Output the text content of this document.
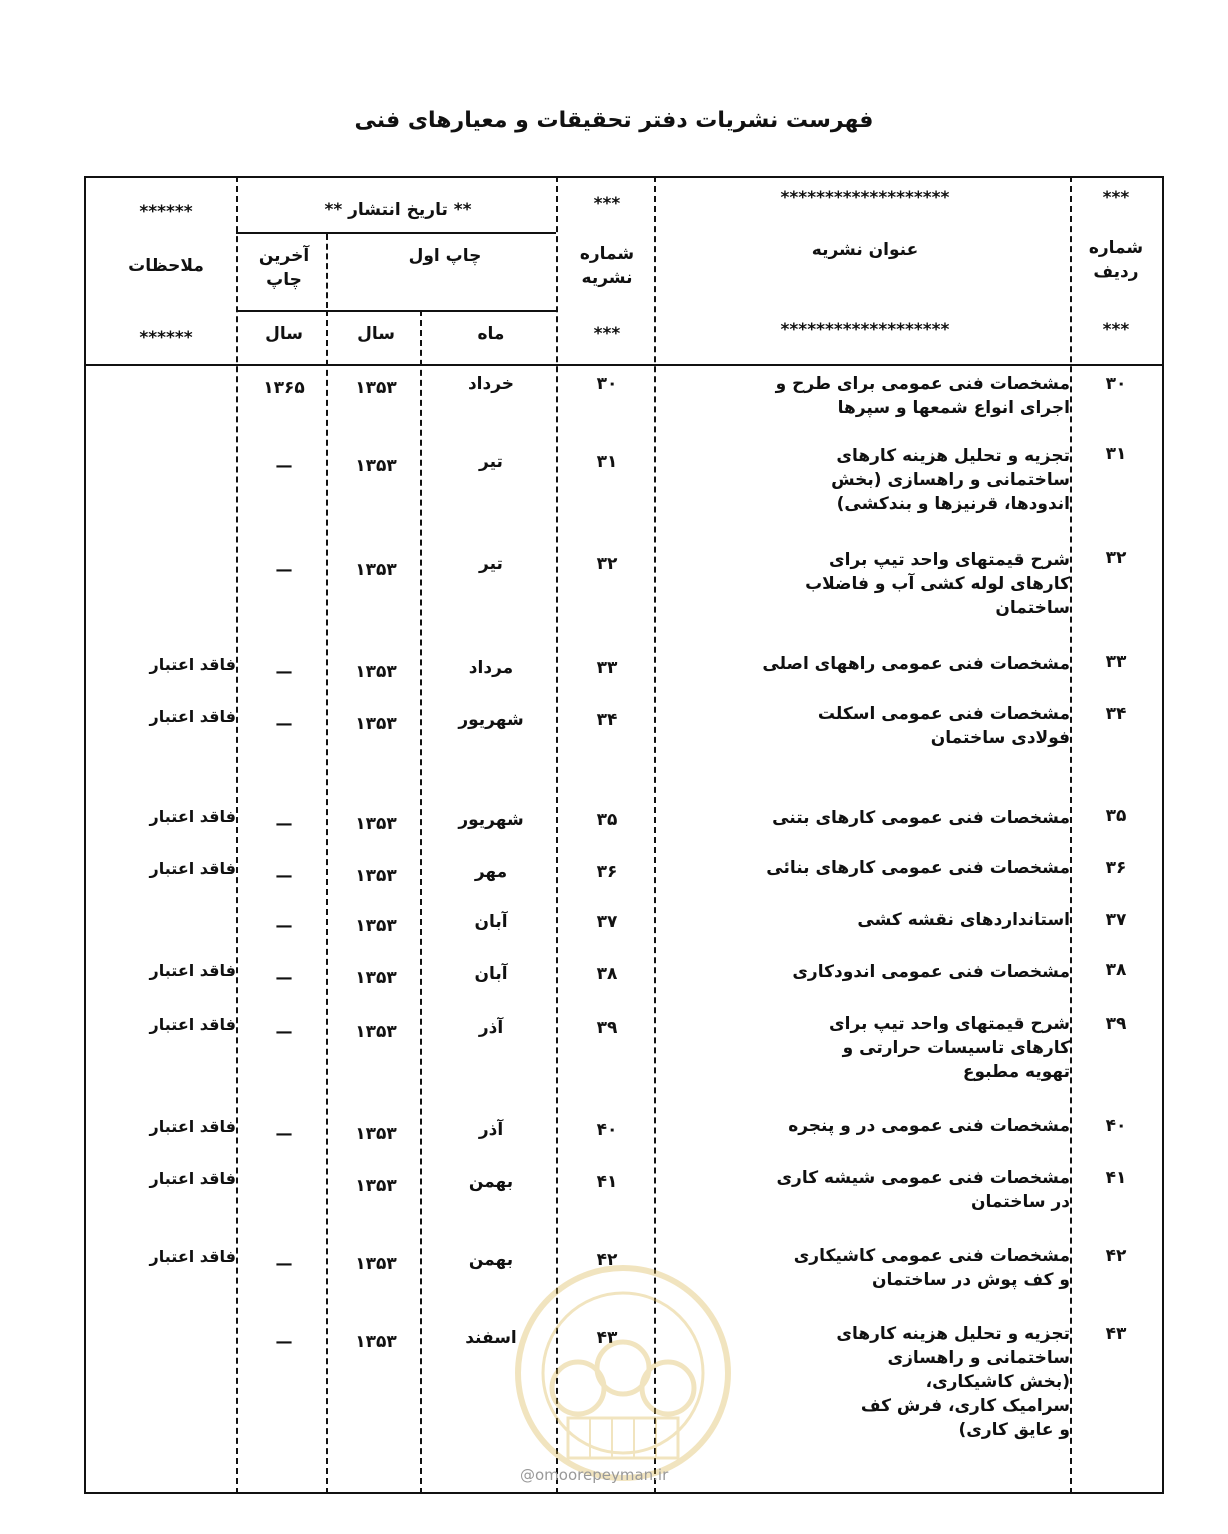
فهرست نشریات دفتر تحقیقات و معیارهای فنی
***
*******************
***
** تاریخ انتشار **
******
شماره ردیف
عنوان نشریه
شماره نشریه
چاپ اول
آخرین چاپ
ملاحظات
***
*******************
***
ماه
سال
سال
******
۳۰
مشخصات فنی عمومی برای طرح و
اجرای انواع شمعها و سپرها
۳۰
خرداد
۱۳۵۳
۱۳۶۵
۳۱
تجزیه و تحلیل هزینه کارهای
ساختمانی و راهسازی (بخش
اندودها، قرنیزها و بندکشی)
۳۱
تیر
۱۳۵۳
—
۳۲
شرح قیمتهای واحد تیپ برای
کارهای لوله کشی آب و فاضلاب
ساختمان
۳۲
تیر
۱۳۵۳
—
۳۳
مشخصات فنی عمومی راههای اصلی
۳۳
مرداد
۱۳۵۳
—
فاقد اعتبار
۳۴
مشخصات فنی عمومی اسکلت
فولادی ساختمان
۳۴
شهریور
۱۳۵۳
—
فاقد اعتبار
۳۵
مشخصات فنی عمومی کارهای بتنی
۳۵
شهریور
۱۳۵۳
—
فاقد اعتبار
۳۶
مشخصات فنی عمومی کارهای بنائی
۳۶
مهر
۱۳۵۳
—
فاقد اعتبار
۳۷
استانداردهای نقشه کشی
۳۷
آبان
۱۳۵۳
—
۳۸
مشخصات فنی عمومی اندودکاری
۳۸
آبان
۱۳۵۳
—
فاقد اعتبار
۳۹
شرح قیمتهای واحد تیپ برای
کارهای تاسیسات حرارتی و
تهویه مطبوع
۳۹
آذر
۱۳۵۳
—
فاقد اعتبار
۴۰
مشخصات فنی عمومی در و پنجره
۴۰
آذر
۱۳۵۳
—
فاقد اعتبار
۴۱
مشخصات فنی عمومی شیشه کاری
در ساختمان
۴۱
بهمن
۱۳۵۳
فاقد اعتبار
۴۲
مشخصات فنی عمومی کاشیکاری
و کف پوش در ساختمان
۴۲
بهمن
۱۳۵۳
—
فاقد اعتبار
۴۳
تجزیه و تحلیل هزینه کارهای
ساختمانی و راهسازی
(بخش کاشیکاری،
سرامیک کاری، فرش کف
و عایق کاری)
۴۳
اسفند
۱۳۵۳
—
@omoorepeyman.ir
